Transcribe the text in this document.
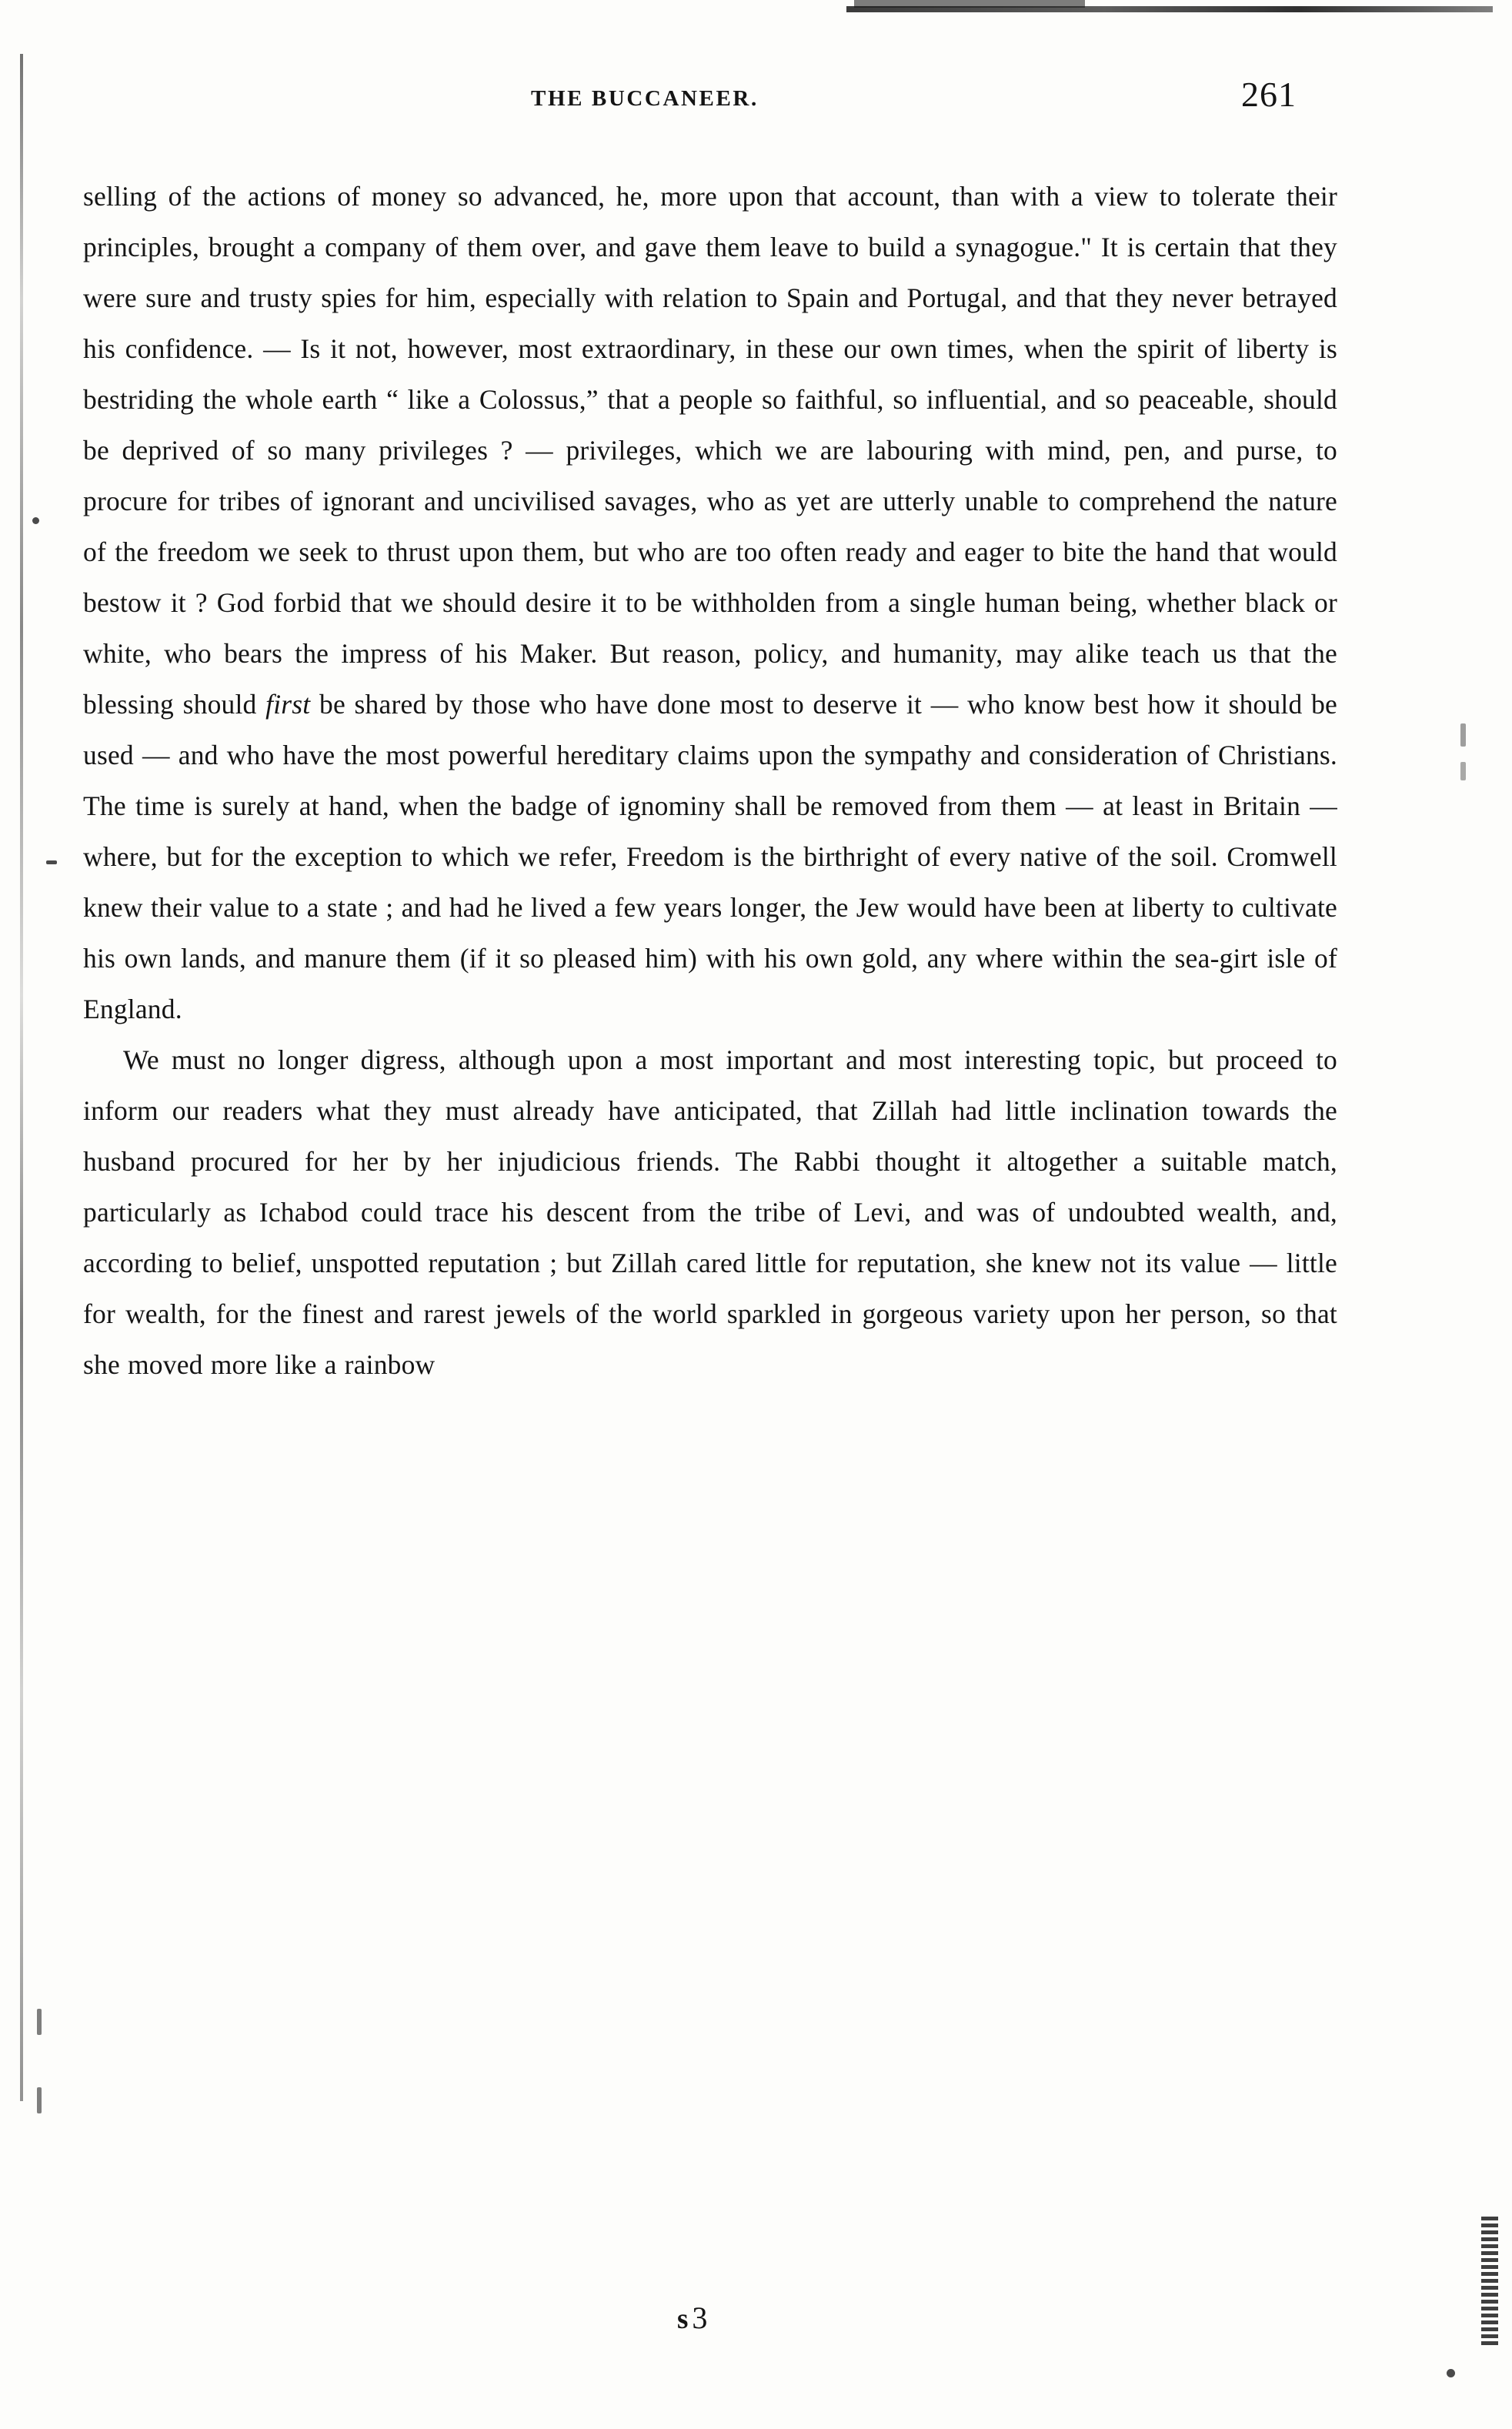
THE BUCCANEER.	261

selling of the actions of money so advanced, he, more upon that account, than with a view to tolerate their principles, brought a company of them over, and gave them leave to build a synagogue." It is certain that they were sure and trusty spies for him, especially with relation to Spain and Portugal, and that they never betrayed his confidence. — Is it not, however, most extraordinary, in these our own times, when the spirit of liberty is bestriding the whole earth “ like a Colossus,” that a people so faithful, so influential, and so peaceable, should be deprived of so many privileges ? — privileges, which we are labouring with mind, pen, and purse, to procure for tribes of ignorant and uncivilised savages, who as yet are utterly unable to comprehend the nature of the freedom we seek to thrust upon them, but who are too often ready and eager to bite the hand that would bestow it ? God forbid that we should desire it to be withholden from a single human being, whether black or white, who bears the impress of his Maker. But reason, policy, and humanity, may alike teach us that the blessing should first be shared by those who have done most to deserve it — who know best how it should be used — and who have the most powerful hereditary claims upon the sympathy and consideration of Christians. The time is surely at hand, when the badge of ignominy shall be removed from them — at least in Britain — where, but for the exception to which we refer, Freedom is the birthright of every native of the soil. Cromwell knew their value to a state ; and had he lived a few years longer, the Jew would have been at liberty to cultivate his own lands, and manure them (if it so pleased him) with his own gold, any where within the sea-girt isle of England.

We must no longer digress, although upon a most important and most interesting topic, but proceed to inform our readers what they must already have anticipated, that Zillah had little inclination towards the husband procured for her by her injudicious friends. The Rabbi thought it altogether a suitable match, particularly as Ichabod could trace his descent from the tribe of Levi, and was of undoubted wealth, and, according to belief, unspotted reputation ; but Zillah cared little for reputation, she knew not its value — little for wealth, for the finest and rarest jewels of the world sparkled in gorgeous variety upon her person, so that she moved more like a rainbow

s3
